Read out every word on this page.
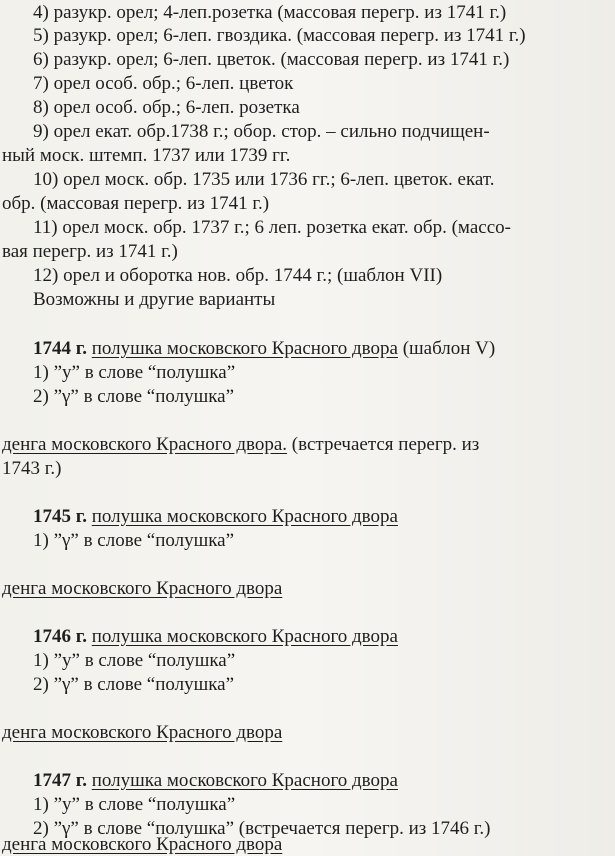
4) разукр. орел; 4-леп.розетка (массовая перегр. из 1741 г.)
5) разукр. орел; 6-леп. гвоздика. (массовая перегр. из 1741 г.)
6) разукр. орел; 6-леп. цветок. (массовая перегр. из 1741 г.)
7) орел особ. обр.; 6-леп. цветок
8) орел особ. обр.; 6-леп. розетка
9) орел екат. обр.1738 г.; обор. стор. – сильно подчищен-
ный моск. штемп. 1737 или 1739 гг.
10) орел моск. обр. 1735 или 1736 гг.; 6-леп. цветок. екат.
обр. (массовая перегр. из 1741 г.)
11) орел моск. обр. 1737 г.; 6 леп. розетка екат. обр. (массо-
вая перегр. из 1741 г.)
12) орел и оборотка нов. обр. 1744 г.; (шаблон VII)
Возможны и другие варианты
1744 г. полушка московского Красного двора (шаблон V)
1) ”у” в слове “полушка”
2) ”γ” в слове “полушка”
денга московского Красного двора. (встречается перегр. из
1743 г.)
1745 г. полушка московского Красного двора
1) ”γ” в слове “полушка”
денга московского Красного двора
1746 г. полушка московского Красного двора
1) ”у” в слове “полушка”
2) ”γ” в слове “полушка”
денга московского Красного двора
1747 г. полушка московского Красного двора
1) ”у” в слове “полушка”
2) ”γ” в слове “полушка” (встречается перегр. из 1746 г.)
денга московского Красного двора
